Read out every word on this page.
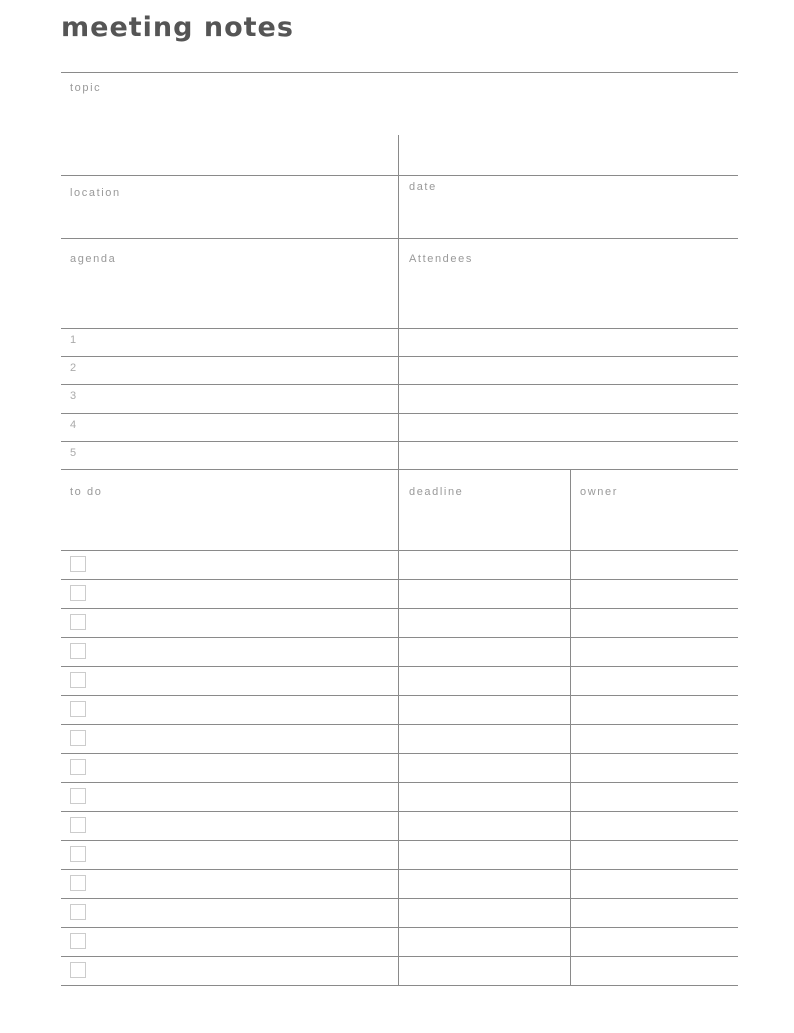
meeting notes
topic
location	date
agenda	Attendees
1
2
3
4
5
to do	deadline	owner
